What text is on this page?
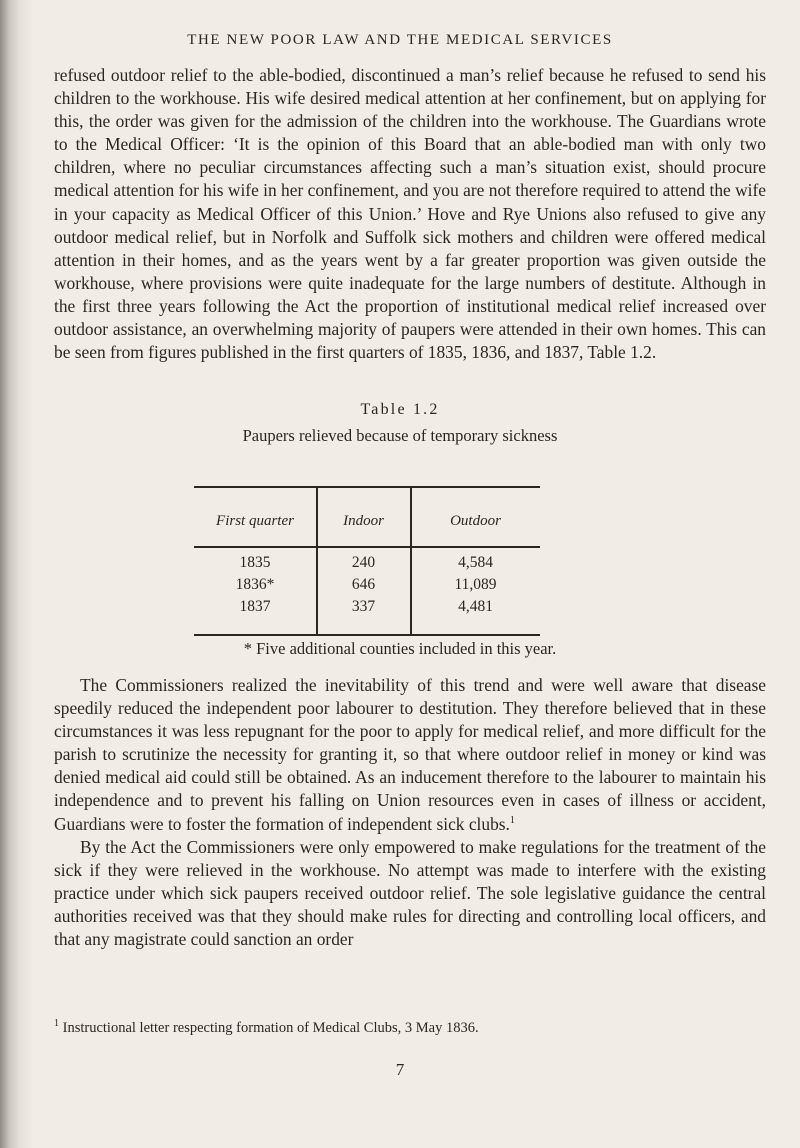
THE NEW POOR LAW AND THE MEDICAL SERVICES

refused outdoor relief to the able-bodied, discontinued a man’s relief because he refused to send his children to the workhouse. His wife desired medical attention at her confinement, but on applying for this, the order was given for the admission of the children into the workhouse. The Guardians wrote to the Medical Officer: ‘It is the opinion of this Board that an able-bodied man with only two children, where no peculiar circumstances affecting such a man’s situation exist, should procure medical attention for his wife in her confinement, and you are not therefore required to attend the wife in your capacity as Medical Officer of this Union.’ Hove and Rye Unions also refused to give any outdoor medical relief, but in Norfolk and Suffolk sick mothers and children were offered medical attention in their homes, and as the years went by a far greater proportion was given outside the workhouse, where provisions were quite inadequate for the large numbers of destitute. Although in the first three years following the Act the proportion of institutional medical relief increased over outdoor assistance, an overwhelming majority of paupers were attended in their own homes. This can be seen from figures published in the first quarters of 1835, 1836, and 1837, Table 1.2.

Table 1.2
Paupers relieved because of temporary sickness
First quarter	Indoor	Outdoor
1835	240	4,584
1836*	646	11,089
1837	337	4,481
* Five additional counties included in this year.

The Commissioners realized the inevitability of this trend and were well aware that disease speedily reduced the independent poor labourer to destitution. They therefore believed that in these circumstances it was less repugnant for the poor to apply for medical relief, and more difficult for the parish to scrutinize the necessity for granting it, so that where outdoor relief in money or kind was denied medical aid could still be obtained. As an inducement therefore to the labourer to maintain his independence and to prevent his falling on Union resources even in cases of illness or accident, Guardians were to foster the formation of independent sick clubs.$^1$

By the Act the Commissioners were only empowered to make regulations for the treatment of the sick if they were relieved in the workhouse. No attempt was made to interfere with the existing practice under which sick paupers received outdoor relief. The sole legislative guidance the central authorities received was that they should make rules for directing and controlling local officers, and that any magistrate could sanction an order

$^1$ Instructional letter respecting formation of Medical Clubs, 3 May 1836.
7
